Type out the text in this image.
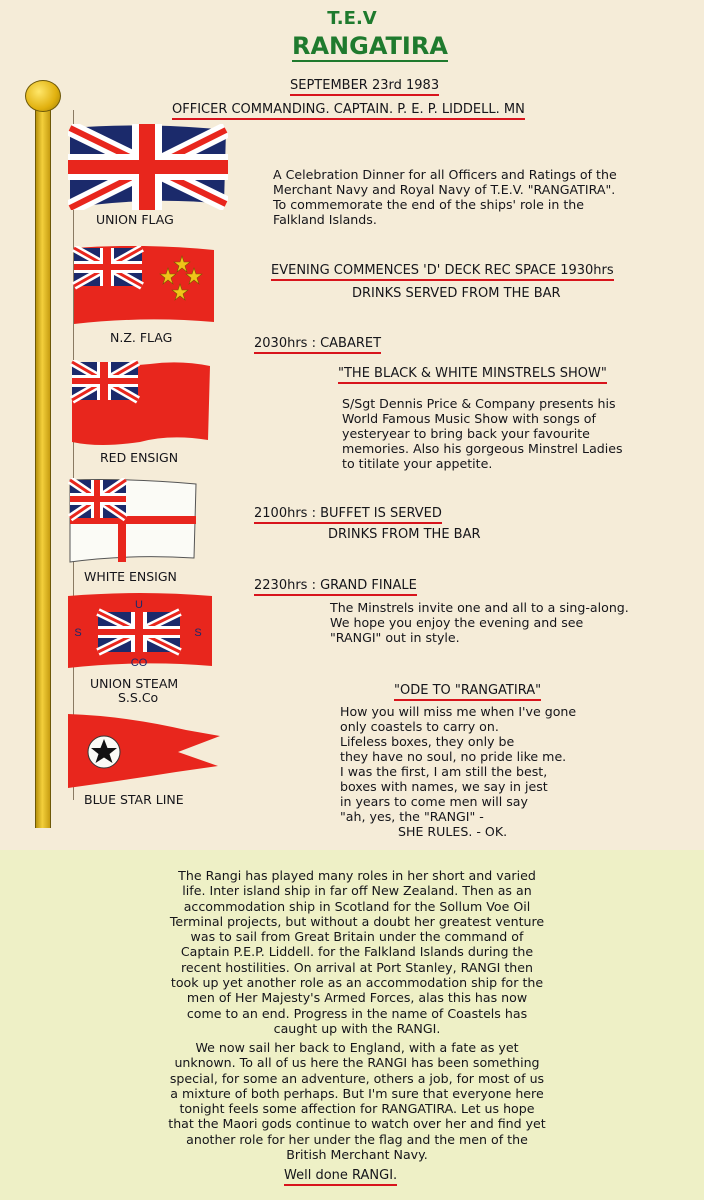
T.E.V
RANGATIRA
SEPTEMBER 23rd 1983
OFFICER COMMANDING. CAPTAIN. P. E. P. LIDDELL. MN
UNION FLAG
N.Z. FLAG
RED ENSIGN
WHITE ENSIGN
U
S	S
CO
UNION STEAM
S.S.Co
BLUE STAR LINE
A Celebration Dinner for all Officers and Ratings of the
Merchant Navy and Royal Navy of T.E.V. "RANGATIRA".
To commemorate the end of the ships' role in the
Falkland Islands.
EVENING COMMENCES 'D' DECK REC SPACE 1930hrs
DRINKS SERVED FROM THE BAR
2030hrs : CABARET
"THE BLACK & WHITE MINSTRELS SHOW"
S/Sgt Dennis Price & Company presents his
World Famous Music Show with songs of
yesteryear to bring back your favourite
memories. Also his gorgeous Minstrel Ladies
to titilate your appetite.
2100hrs : BUFFET IS SERVED
DRINKS FROM THE BAR
2230hrs : GRAND FINALE
The Minstrels invite one and all to a sing-along.
We hope you enjoy the evening and see
"RANGI" out in style.
"ODE TO "RANGATIRA"
How you will miss me when I've gone
only coastels to carry on.
Lifeless boxes, they only be
they have no soul, no pride like me.
I was the first, I am still the best,
boxes with names, we say in jest
in years to come men will say
"ah, yes, the "RANGI" -
SHE RULES. - OK.
The Rangi has played many roles in her short and varied
life. Inter island ship in far off New Zealand. Then as an
accommodation ship in Scotland for the Sollum Voe Oil
Terminal projects, but without a doubt her greatest venture
was to sail from Great Britain under the command of
Captain P.E.P. Liddell. for the Falkland Islands during the
recent hostilities. On arrival at Port Stanley, RANGI then
took up yet another role as an accommodation ship for the
men of Her Majesty's Armed Forces, alas this has now
come to an end. Progress in the name of Coastels has
caught up with the RANGI.
We now sail her back to England, with a fate as yet
unknown. To all of us here the RANGI has been something
special, for some an adventure, others a job, for most of us
a mixture of both perhaps. But I'm sure that everyone here
tonight feels some affection for RANGATIRA. Let us hope
that the Maori gods continue to watch over her and find yet
another role for her under the flag and the men of the
British Merchant Navy.
Well done RANGI.
